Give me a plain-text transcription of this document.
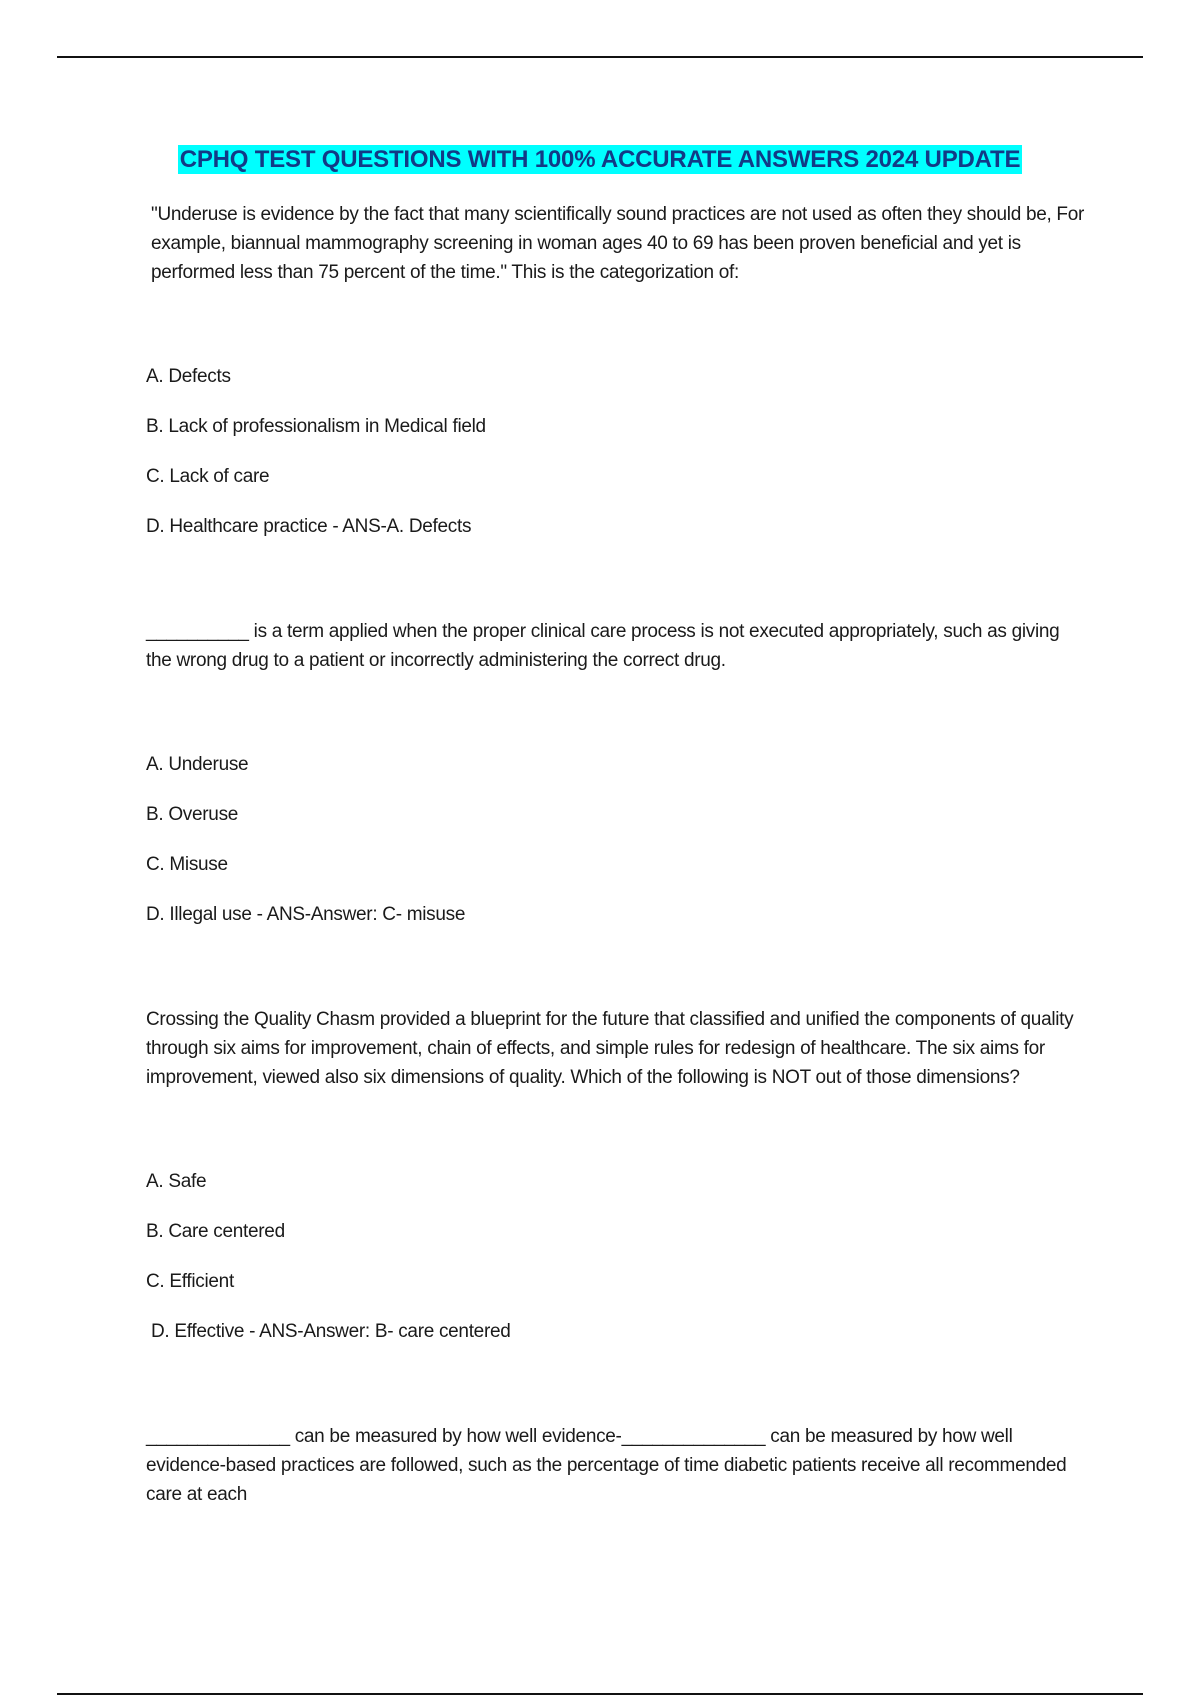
CPHQ TEST QUESTIONS WITH 100% ACCURATE ANSWERS 2024 UPDATE

"Underuse is evidence by the fact that many scientifically sound practices are not used as often they should be, For example, biannual mammography screening in woman ages 40 to 69 has been proven beneficial and yet is performed less than 75 percent of the time." This is the categorization of:

A. Defects

B. Lack of professionalism in Medical field

C. Lack of care

D. Healthcare practice - ANS-A. Defects

__________ is a term applied when the proper clinical care process is not executed appropriately, such as giving the wrong drug to a patient or incorrectly administering the correct drug.

A. Underuse

B. Overuse

C. Misuse

D. Illegal use - ANS-Answer: C- misuse

Crossing the Quality Chasm provided a blueprint for the future that classified and unified the components of quality through six aims for improvement, chain of effects, and simple rules for redesign of healthcare. The six aims for improvement, viewed also six dimensions of quality. Which of the following is NOT out of those dimensions?

A. Safe

B. Care centered

C. Efficient

D. Effective - ANS-Answer: B- care centered

______________ can be measured by how well evidence-______________ can be measured by how well evidence-based practices are followed, such as the percentage of time diabetic patients receive all recommended care at each
